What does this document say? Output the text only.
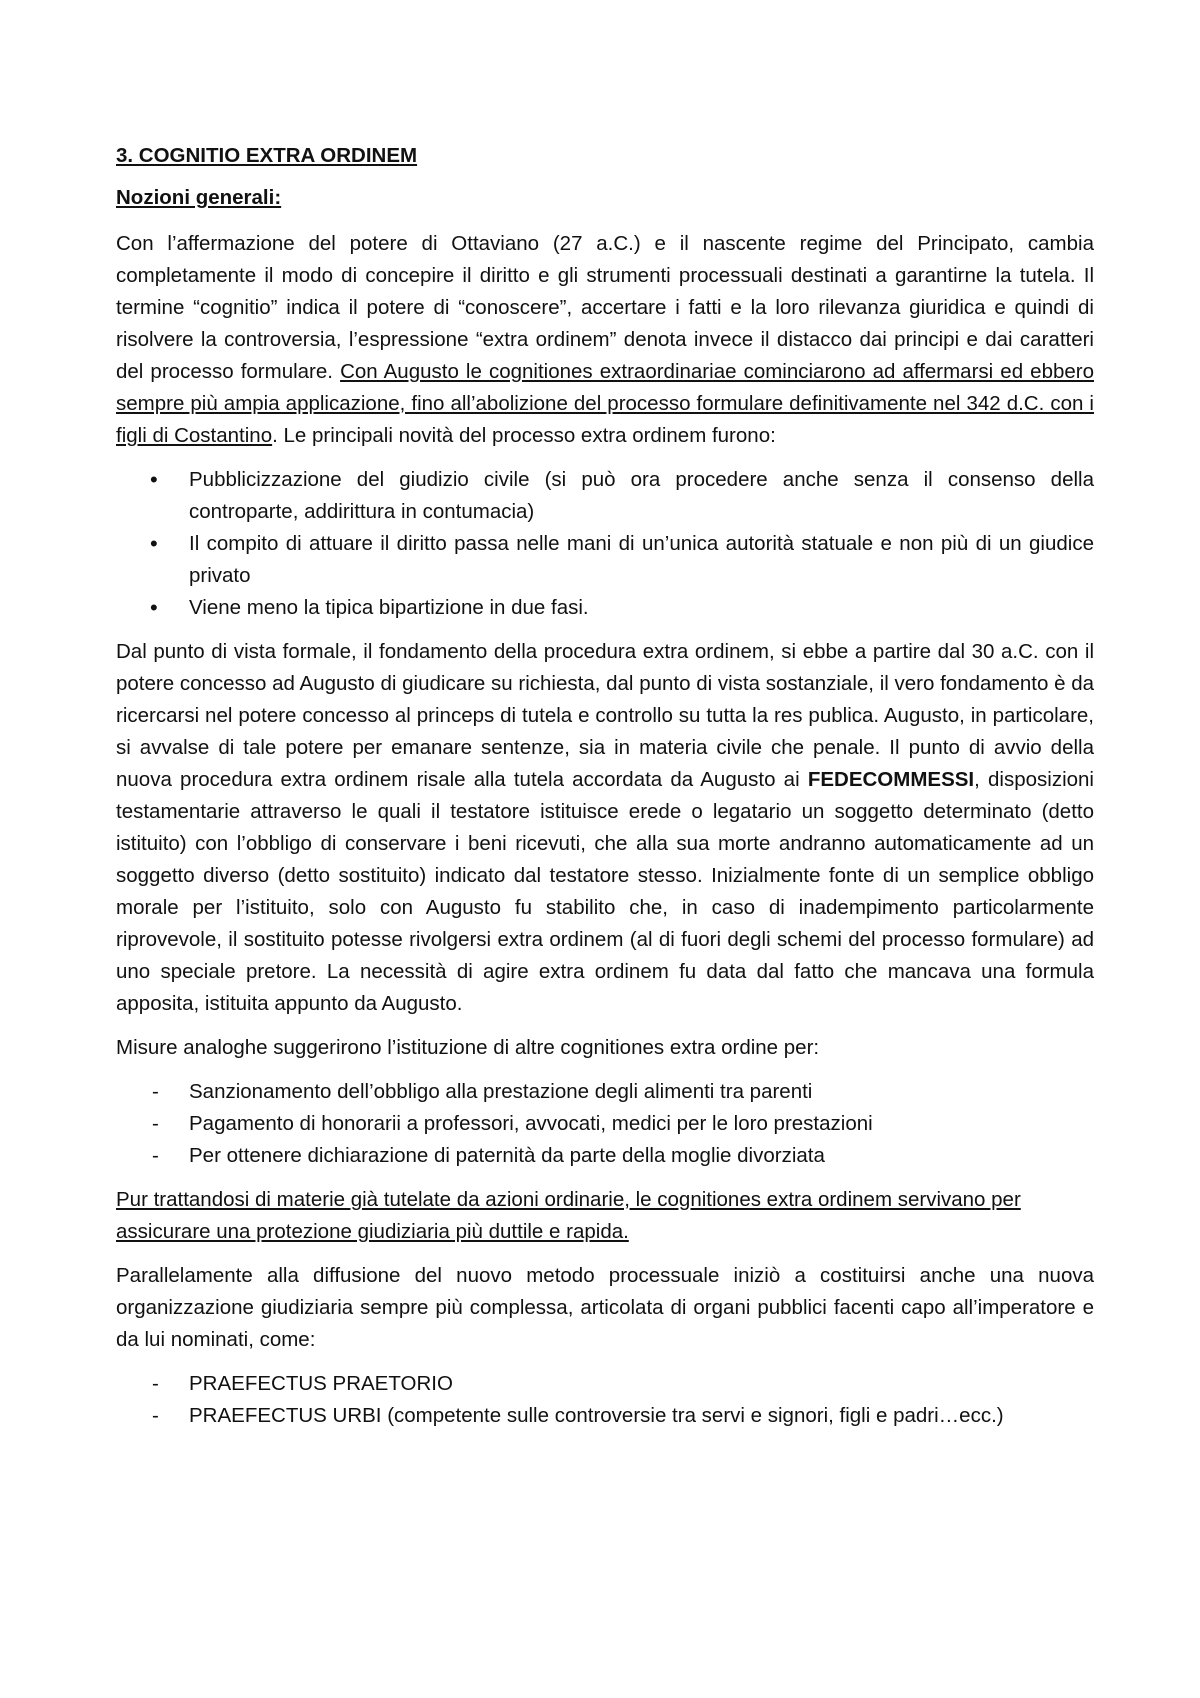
3. COGNITIO EXTRA ORDINEM
Nozioni generali:

Con l’affermazione del potere di Ottaviano (27 a.C.) e il nascente regime del Principato, cambia completamente il modo di concepire il diritto e gli strumenti processuali destinati a garantirne la tutela. Il termine “cognitio” indica il potere di “conoscere”, accertare i fatti e la loro rilevanza giuridica e quindi di risolvere la controversia, l’espressione “extra ordinem” denota invece il distacco dai principi e dai caratteri del processo formulare. Con Augusto le cognitiones extraordinariae cominciarono ad affermarsi ed ebbero sempre più ampia applicazione, fino all’abolizione del processo formulare definitivamente nel 342 d.C. con i figli di Costantino. Le principali novità del processo extra ordinem furono:

• Pubblicizzazione del giudizio civile (si può ora procedere anche senza il consenso della controparte, addirittura in contumacia)
• Il compito di attuare il diritto passa nelle mani di un’unica autorità statuale e non più di un giudice privato
• Viene meno la tipica bipartizione in due fasi.

Dal punto di vista formale, il fondamento della procedura extra ordinem, si ebbe a partire dal 30 a.C. con il potere concesso ad Augusto di giudicare su richiesta, dal punto di vista sostanziale, il vero fondamento è da ricercarsi nel potere concesso al princeps di tutela e controllo su tutta la res publica. Augusto, in particolare, si avvalse di tale potere per emanare sentenze, sia in materia civile che penale. Il punto di avvio della nuova procedura extra ordinem risale alla tutela accordata da Augusto ai FEDECOMMESSI, disposizioni testamentarie attraverso le quali il testatore istituisce erede o legatario un soggetto determinato (detto istituito) con l’obbligo di conservare i beni ricevuti, che alla sua morte andranno automaticamente ad un soggetto diverso (detto sostituito) indicato dal testatore stesso. Inizialmente fonte di un semplice obbligo morale per l’istituito, solo con Augusto fu stabilito che, in caso di inadempimento particolarmente riprovevole, il sostituito potesse rivolgersi extra ordinem (al di fuori degli schemi del processo formulare) ad uno speciale pretore. La necessità di agire extra ordinem fu data dal fatto che mancava una formula apposita, istituita appunto da Augusto.

Misure analoghe suggerirono l’istituzione di altre cognitiones extra ordine per:

- Sanzionamento dell’obbligo alla prestazione degli alimenti tra parenti
- Pagamento di honorarii a professori, avvocati, medici per le loro prestazioni
- Per ottenere dichiarazione di paternità da parte della moglie divorziata

Pur trattandosi di materie già tutelate da azioni ordinarie, le cognitiones extra ordinem servivano per assicurare una protezione giudiziaria più duttile e rapida.

Parallelamente alla diffusione del nuovo metodo processuale iniziò a costituirsi anche una nuova organizzazione giudiziaria sempre più complessa, articolata di organi pubblici facenti capo all’imperatore e da lui nominati, come:

- PRAEFECTUS PRAETORIO
- PRAEFECTUS URBI (competente sulle controversie tra servi e signori, figli e padri…ecc.)
